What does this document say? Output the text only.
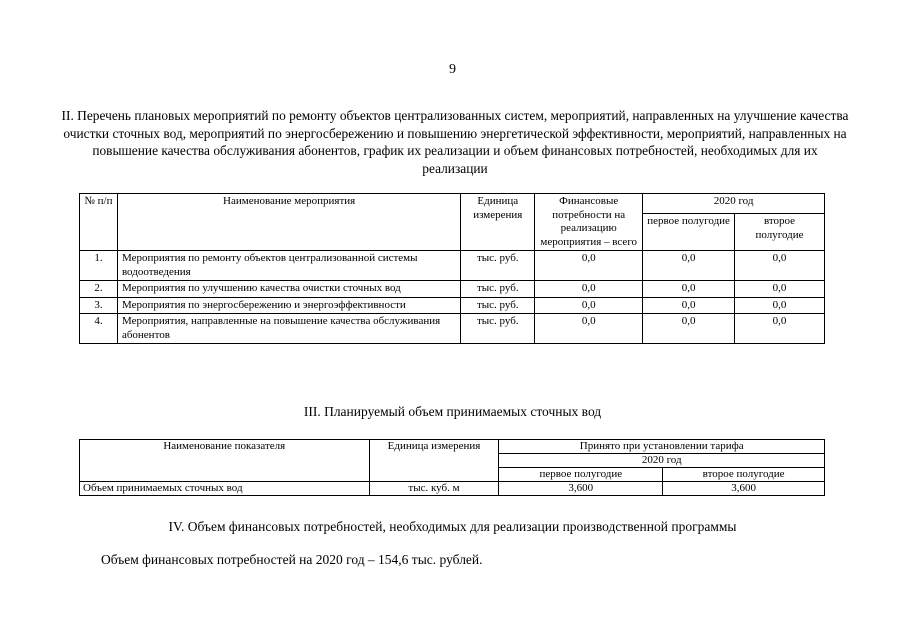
9
II. Перечень плановых мероприятий по ремонту объектов централизованных систем, мероприятий, направленных на улучшение качества очистки сточных вод, мероприятий по энергосбережению и повышению энергетической эффективности, мероприятий, направленных на повышение качества обслуживания абонентов, график их реализации и объем финансовых потребностей, необходимых для их реализации
№ п/п	Наименование мероприятия	Единица измерения	Финансовые потребности на реализацию мероприятия – всего	2020 год	
				первое полугодие	второе полугодие
1.	Мероприятия по ремонту объектов централизованной системы водоотведения	тыс. руб.	0,0	0,0	0,0
2.	Мероприятия по улучшению качества очистки сточных вод	тыс. руб.	0,0	0,0	0,0
3.	Мероприятия по энергосбережению и энергоэффективности	тыс. руб.	0,0	0,0	0,0
4.	Мероприятия, направленные на повышение качества обслуживания абонентов	тыс. руб.	0,0	0,0	0,0
III. Планируемый объем принимаемых сточных вод
Наименование показателя	Единица измерения	Принято при установлении тарифа	
		2020 год	
		первое полугодие	второе полугодие
Объем принимаемых сточных вод	тыс. куб. м	3,600	3,600
IV. Объем финансовых потребностей, необходимых для реализации производственной программы
Объем финансовых потребностей на 2020 год – 154,6 тыс. рублей.
